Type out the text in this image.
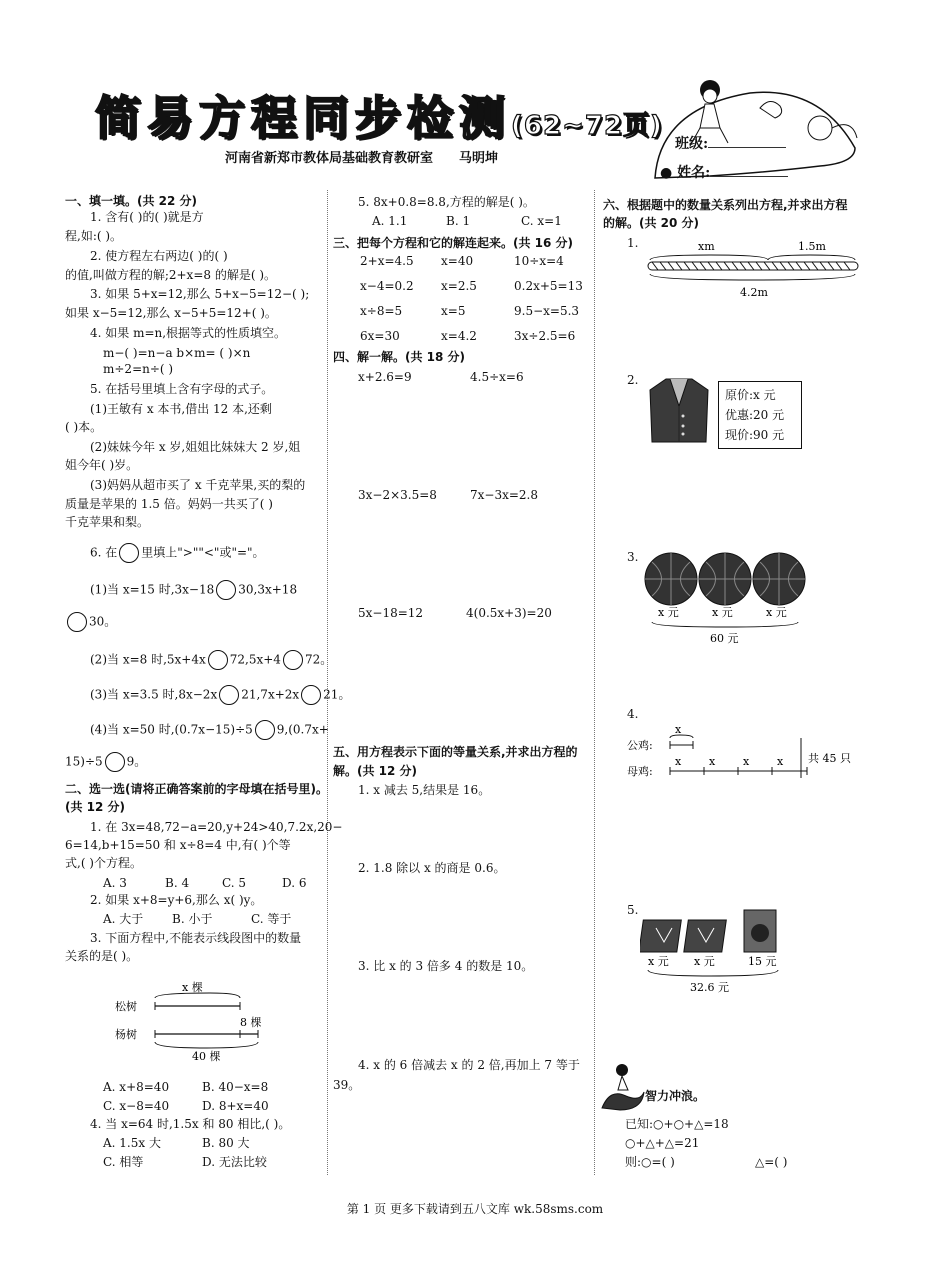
简易方程同步检测(62~72页)
河南省新郑市教体局基础教育教研室 马明坤
班级:
● 姓名:
一、填一填。(共 22 分)
1. 含有( )的( )就是方
程,如:( )。
2. 使方程左右两边( )的( )
的值,叫做方程的解;2+x=8 的解是( )。
3. 如果 5+x=12,那么 5+x−5=12−( );
如果 x−5=12,那么 x−5+5=12+( )。
4. 如果 m=n,根据等式的性质填空。
m−( )=n−a b×m= ( )×n
m÷2=n÷( )
5. 在括号里填上含有字母的式子。
(1)王敏有 x 本书,借出 12 本,还剩
( )本。
(2)妹妹今年 x 岁,姐姐比妹妹大 2 岁,姐
姐今年( )岁。
(3)妈妈从超市买了 x 千克苹果,买的梨的
质量是苹果的 1.5 倍。妈妈一共买了( )
千克苹果和梨。
6. 在 里填上">""<"或"="。
(1)当 x=15 时,3x−18 30,3x+18
30。
(2)当 x=8 时,5x+4x 72,5x+4 72。
(3)当 x=3.5 时,8x−2x 21,7x+2x 21。
(4)当 x=50 时,(0.7x−15)÷5 9,(0.7x+
15)÷5 9。
二、选一选(请将正确答案前的字母填在括号里)。
(共 12 分)
1. 在 3x=48,72−a=20,y+24>40,7.2x,20−
6=14,b+15=50 和 x÷8=4 中,有( )个等
式,( )个方程。
A. 3	B. 4	C. 5	D. 6
2. 如果 x+8=y+6,那么 x( )y。
A. 大于 B. 小于	C. 等于
3. 下面方程中,不能表示线段图中的数量
关系的是( )。
x 棵
松树
8 棵
杨树
40 棵
A. x+8=40	B. 40−x=8
C. x−8=40	D. 8+x=40
4. 当 x=64 时,1.5x 和 80 相比,( )。
A. 1.5x 大	B. 80 大
C. 相等	D. 无法比较
5. 8x+0.8=8.8,方程的解是( )。
A. 1.1	B. 1	C. x=1
三、把每个方程和它的解连起来。(共 16 分)
2+x=4.5 x=40	10÷x=4
x−4=0.2 x=2.5	0.2x+5=13
x÷8=5	x=5	9.5−x=5.3
6x=30	x=4.2	3x÷2.5=6
四、解一解。(共 18 分)
x+2.6=9	4.5÷x=6
3x−2×3.5=8	7x−3x=2.8
5x−18=12	4(0.5x+3)=20
五、用方程表示下面的等量关系,并求出方程的
解。(共 12 分)
1. x 减去 5,结果是 16。
2. 1.8 除以 x 的商是 0.6。
3. 比 x 的 3 倍多 4 的数是 10。
4. x 的 6 倍减去 x 的 2 倍,再加上 7 等于
39。
六、根据题中的数量关系列出方程,并求出方程
的解。(共 20 分)
1.	xm	1.5m
4.2m
2.
原价:x 元
优惠:20 元
现价:90 元
3.
x 元	x 元	x 元
60 元
4.
x
公鸡:
x	x	x	x
母鸡:
共 45 只
5.
x 元 x 元	15 元
32.6 元
智力冲浪。
已知:○+○+△=18
○+△+△=21
则:○=( )	△=( )
第 1 页 更多下载请到五八文库 wk.58sms.com
